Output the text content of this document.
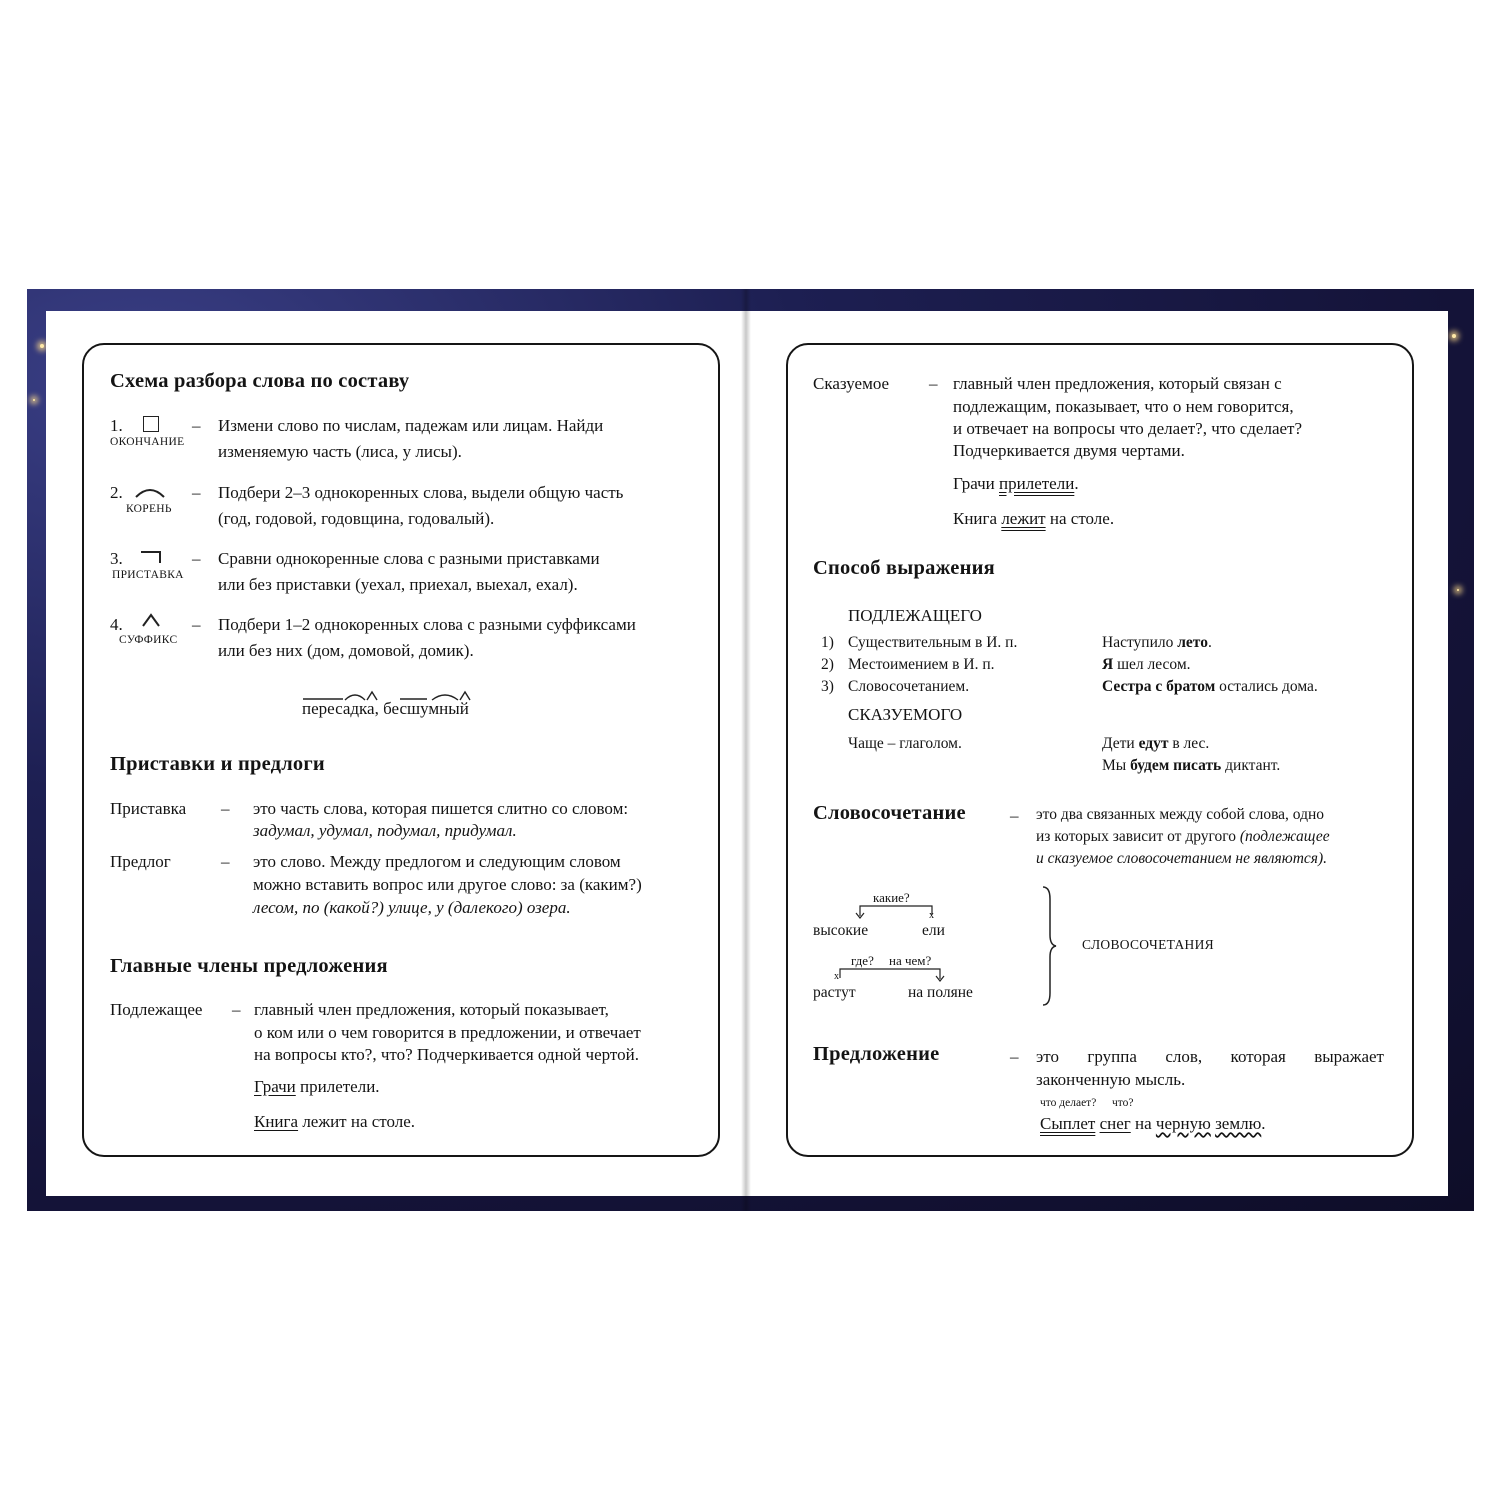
Схема разбора слова по составу
1.
ОКОНЧАНИЕ
– Измени слово по числам, падежам или лицам. Найди
изменяемую часть (лиса, у лисы).
2.
КОРЕНЬ
– Подбери 2–3 однокоренных слова, выдели общую часть
(год, годовой, годовщина, годовалый).
3.
ПРИСТАВКА
– Сравни однокоренные слова с разными приставками
или без приставки (уехал, приехал, выехал, ехал).
4.
СУФФИКС
– Подбери 1–2 однокоренных слова с разными суффиксами
или без них (дом, домовой, домик).
пересадка, бесшумный
Приставки и предлоги
Приставка – это часть слова, которая пишется слитно со словом:
задумал, удумал, подумал, придумал.
Предлог	– это слово. Между предлогом и следующим словом
можно вставить вопрос или другое слово: за (каким?)
лесом, по (какой?) улице, у (далекого) озера.
Главные члены предложения
Подлежащее – главный член предложения, который показывает,
о ком или о чем говорится в предложении, и отвечает
на вопросы кто?, что? Подчеркивается одной чертой.
Грачи прилетели.
Книга лежит на столе.
Сказуемое – главный член предложения, который связан с
подлежащим, показывает, что о нем говорится,
и отвечает на вопросы что делает?, что сделает?
Подчеркивается двумя чертами.
Грачи прилетели.
Книга лежит на столе.
Способ выражения
ПОДЛЕЖАЩЕГО
1) Существительным в И. п.	Наступило лето.
2) Местоимением в И. п.	Я шел лесом.
3) Словосочетанием.	Сестра с братом остались дома.
СКАЗУЕМОГО
Чаще – глаголом.	Дети едут в лес.
Мы будем писать диктант.
Словосочетание	– это два связанных между собой слова, одно
из которых зависит от другого (подлежащее
и сказуемое словосочетанием не являются).
какие?
x
высокие	ели
где? на чем?
x
растут	на поляне
СЛОВОСОЧЕТАНИЯ
Предложение	– это группа слов, которая выражает
законченную мысль.
что делает? что?
Сыплет снег на черную землю.
